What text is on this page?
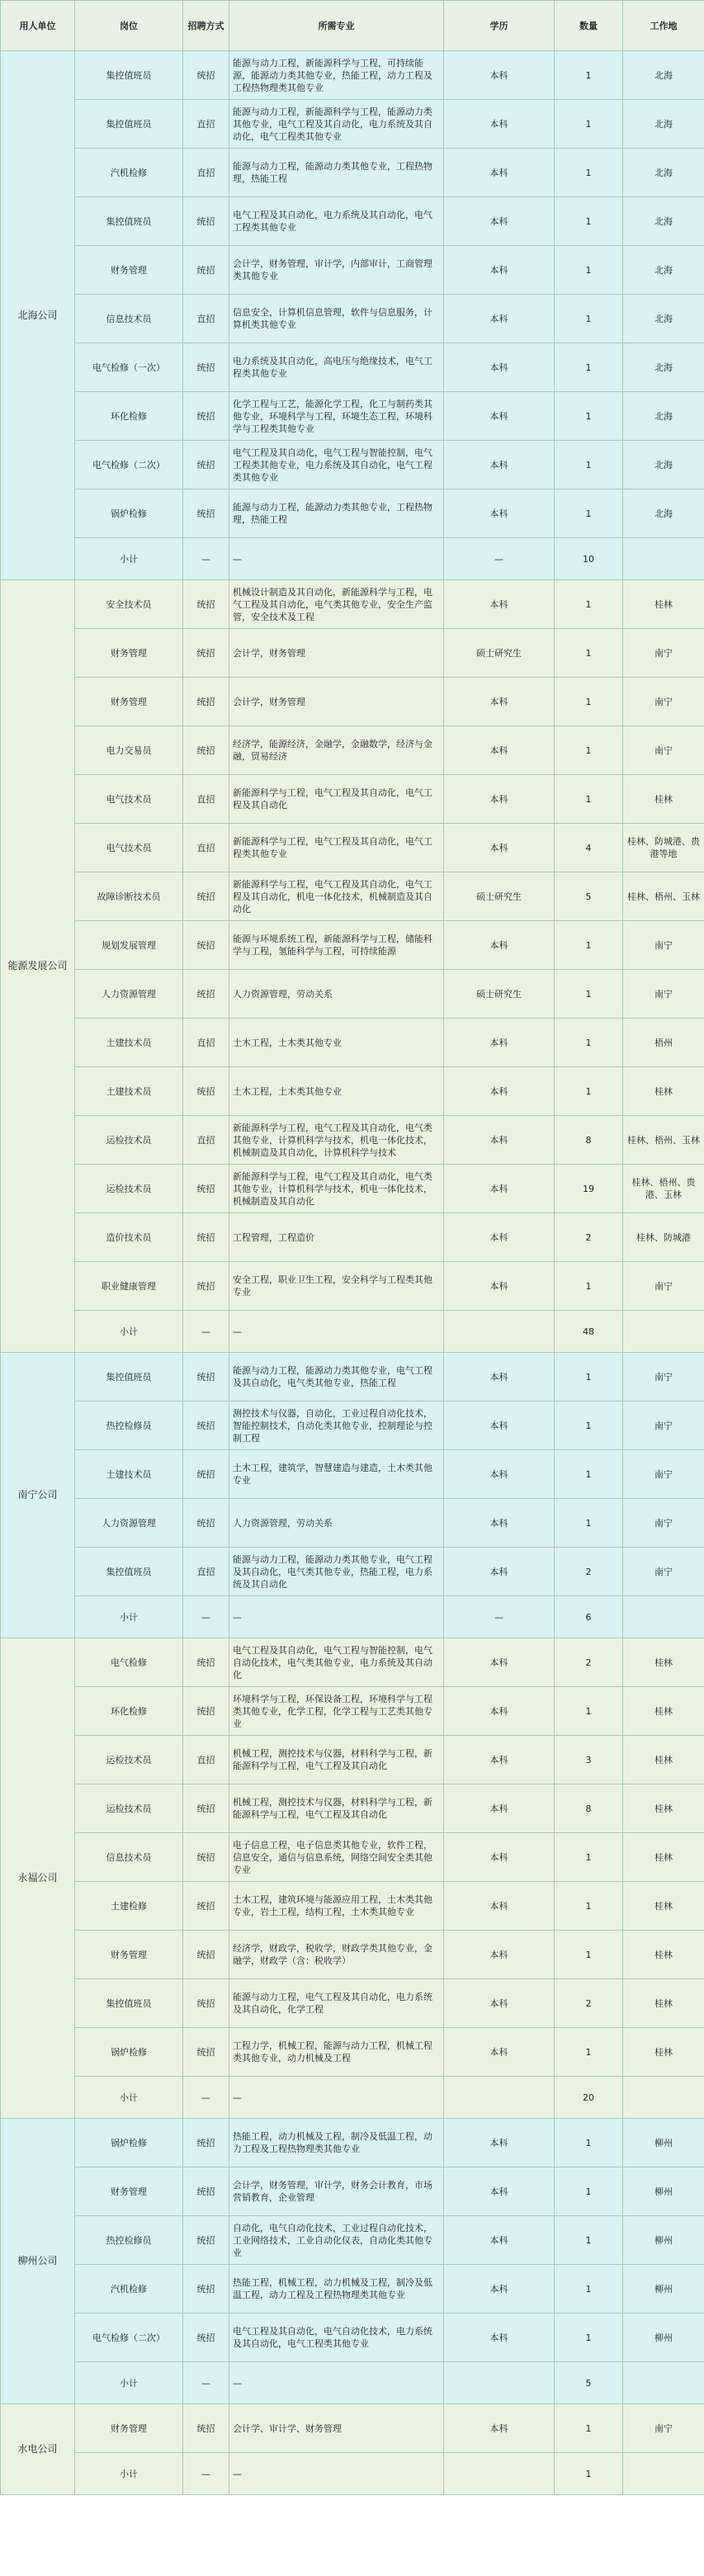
用人单位	岗位	招聘方式	所需专业	学历	数量	工作地
北海公司	集控值班员	统招	能源与动力工程，新能源科学与工程，可持续能源，能源动力类其他专业，热能工程，动力工程及工程热物理类其他专业	本科	1	北海
	集控值班员	直招	能源与动力工程，新能源科学与工程，能源动力类其他专业，电气工程及其自动化，电力系统及其自动化，电气工程类其他专业	本科	1	北海
	汽机检修	直招	能源与动力工程，能源动力类其他专业，工程热物理，热能工程	本科	1	北海
	集控值班员	统招	电气工程及其自动化，电力系统及其自动化，电气工程类其他专业	本科	1	北海
	财务管理	统招	会计学，财务管理，审计学，内部审计，工商管理类其他专业	本科	1	北海
	信息技术员	直招	信息安全，计算机信息管理，软件与信息服务，计算机类其他专业	本科	1	北海
	电气检修（一次）	统招	电力系统及其自动化，高电压与绝缘技术，电气工程类其他专业	本科	1	北海
	环化检修	统招	化学工程与工艺，能源化学工程，化工与制药类其他专业，环境科学与工程，环境生态工程，环境科学与工程类其他专业	本科	1	北海
	电气检修（二次）	统招	电气工程及其自动化，电气工程与智能控制，电气工程类其他专业，电力系统及其自动化，电气工程类其他专业	本科	1	北海
	锅炉检修	统招	能源与动力工程，能源动力类其他专业，工程热物理，热能工程	本科	1	北海
	小计	—	—	—	10	
能源发展公司	安全技术员	统招	机械设计制造及其自动化，新能源科学与工程，电气工程及其自动化，电气类其他专业，安全生产监管，安全技术及工程	本科	1	桂林
	财务管理	统招	会计学，财务管理	硕士研究生	1	南宁
	财务管理	统招	会计学，财务管理	本科	1	南宁
	电力交易员	统招	经济学，能源经济，金融学，金融数学，经济与金融，贸易经济	本科	1	南宁
	电气技术员	直招	新能源科学与工程，电气工程及其自动化，电气工程及其自动化	本科	1	桂林
	电气技术员	直招	新能源科学与工程，电气工程及其自动化，电气工程类其他专业	本科	4	桂林、防城港、贵港等地
	故障诊断技术员	统招	新能源科学与工程，电气工程及其自动化，电气工程及其自动化，机电一体化技术，机械制造及其自动化	硕士研究生	5	桂林、梧州、玉林
	规划发展管理	统招	能源与环境系统工程，新能源科学与工程，储能科学与工程，氢能科学与工程，可持续能源	本科	1	南宁
	人力资源管理	统招	人力资源管理，劳动关系	硕士研究生	1	南宁
	土建技术员	直招	土木工程，土木类其他专业	本科	1	梧州
	土建技术员	统招	土木工程，土木类其他专业	本科	1	桂林
	运检技术员	直招	新能源科学与工程，电气工程及其自动化，电气类其他专业，计算机科学与技术，机电一体化技术，机械制造及其自动化，计算机科学与技术	本科	8	桂林、梧州、玉林
	运检技术员	统招	新能源科学与工程，电气工程及其自动化，电气类其他专业，计算机科学与技术，机电一体化技术，机械制造及其自动化	本科	19	桂林、梧州、贵港、玉林
	造价技术员	统招	工程管理，工程造价	本科	2	桂林、防城港
	职业健康管理	统招	安全工程，职业卫生工程，安全科学与工程类其他专业	本科	1	南宁
	小计	—	—		48	
南宁公司	集控值班员	统招	能源与动力工程，能源动力类其他专业，电气工程及其自动化，电气类其他专业，热能工程	本科	1	南宁
	热控检修员	统招	测控技术与仪器，自动化，工业过程自动化技术，智能控制技术，自动化类其他专业，控制理论与控制工程	本科	1	南宁
	土建技术员	统招	土木工程，建筑学，智慧建造与建造，土木类其他专业	本科	1	南宁
	人力资源管理	统招	人力资源管理，劳动关系	本科	1	南宁
	集控值班员	直招	能源与动力工程，能源动力类其他专业，电气工程及其自动化，电气类其他专业，热能工程，电力系统及其自动化	本科	2	南宁
	小计	—	—	—	6	
永福公司	电气检修	统招	电气工程及其自动化，电气工程与智能控制，电气自动化技术，电气类其他专业，电力系统及其自动化	本科	2	桂林
	环化检修	统招	环境科学与工程，环保设备工程，环境科学与工程类其他专业，化学工程，化学工程与工艺类其他专业	本科	1	桂林
	运检技术员	直招	机械工程，测控技术与仪器，材料科学与工程，新能源科学与工程，电气工程及其自动化	本科	3	桂林
	运检技术员	统招	机械工程，测控技术与仪器，材料科学与工程，新能源科学与工程，电气工程及其自动化	本科	8	桂林
	信息技术员	统招	电子信息工程，电子信息类其他专业，软件工程，信息安全，通信与信息系统，网络空间安全类其他专业	本科	1	桂林
	土建检修	统招	土木工程，建筑环境与能源应用工程，土木类其他专业，岩土工程，结构工程，土木类其他专业	本科	1	桂林
	财务管理	统招	经济学，财政学，税收学，财政学类其他专业，金融学，财政学（含：税收学）	本科	1	桂林
	集控值班员	统招	能源与动力工程，电气工程及其自动化，电力系统及其自动化，化学工程	本科	2	桂林
	锅炉检修	统招	工程力学，机械工程，能源与动力工程，机械工程类其他专业，动力机械及工程	本科	1	桂林
	小计	—	—		20	
柳州公司	锅炉检修	统招	热能工程，动力机械及工程，制冷及低温工程，动力工程及工程热物理类其他专业	本科	1	柳州
	财务管理	统招	会计学，财务管理，审计学，财务会计教育，市场营销教育，企业管理	本科	1	柳州
	热控检修员	统招	自动化，电气自动化技术，工业过程自动化技术，工业网络技术，工业自动化仪表，自动化类其他专业	本科	1	柳州
	汽机检修	统招	热能工程，机械工程，动力机械及工程，制冷及低温工程，动力工程及工程热物理类其他专业	本科	1	柳州
	电气检修（二次）	统招	电气工程及其自动化，电气自动化技术，电力系统及其自动化，电气工程类其他专业	本科	1	柳州
	小计	—	—		5	
水电公司	财务管理	统招	会计学、审计学、财务管理	本科	1	南宁
	小计	—	—		1	
